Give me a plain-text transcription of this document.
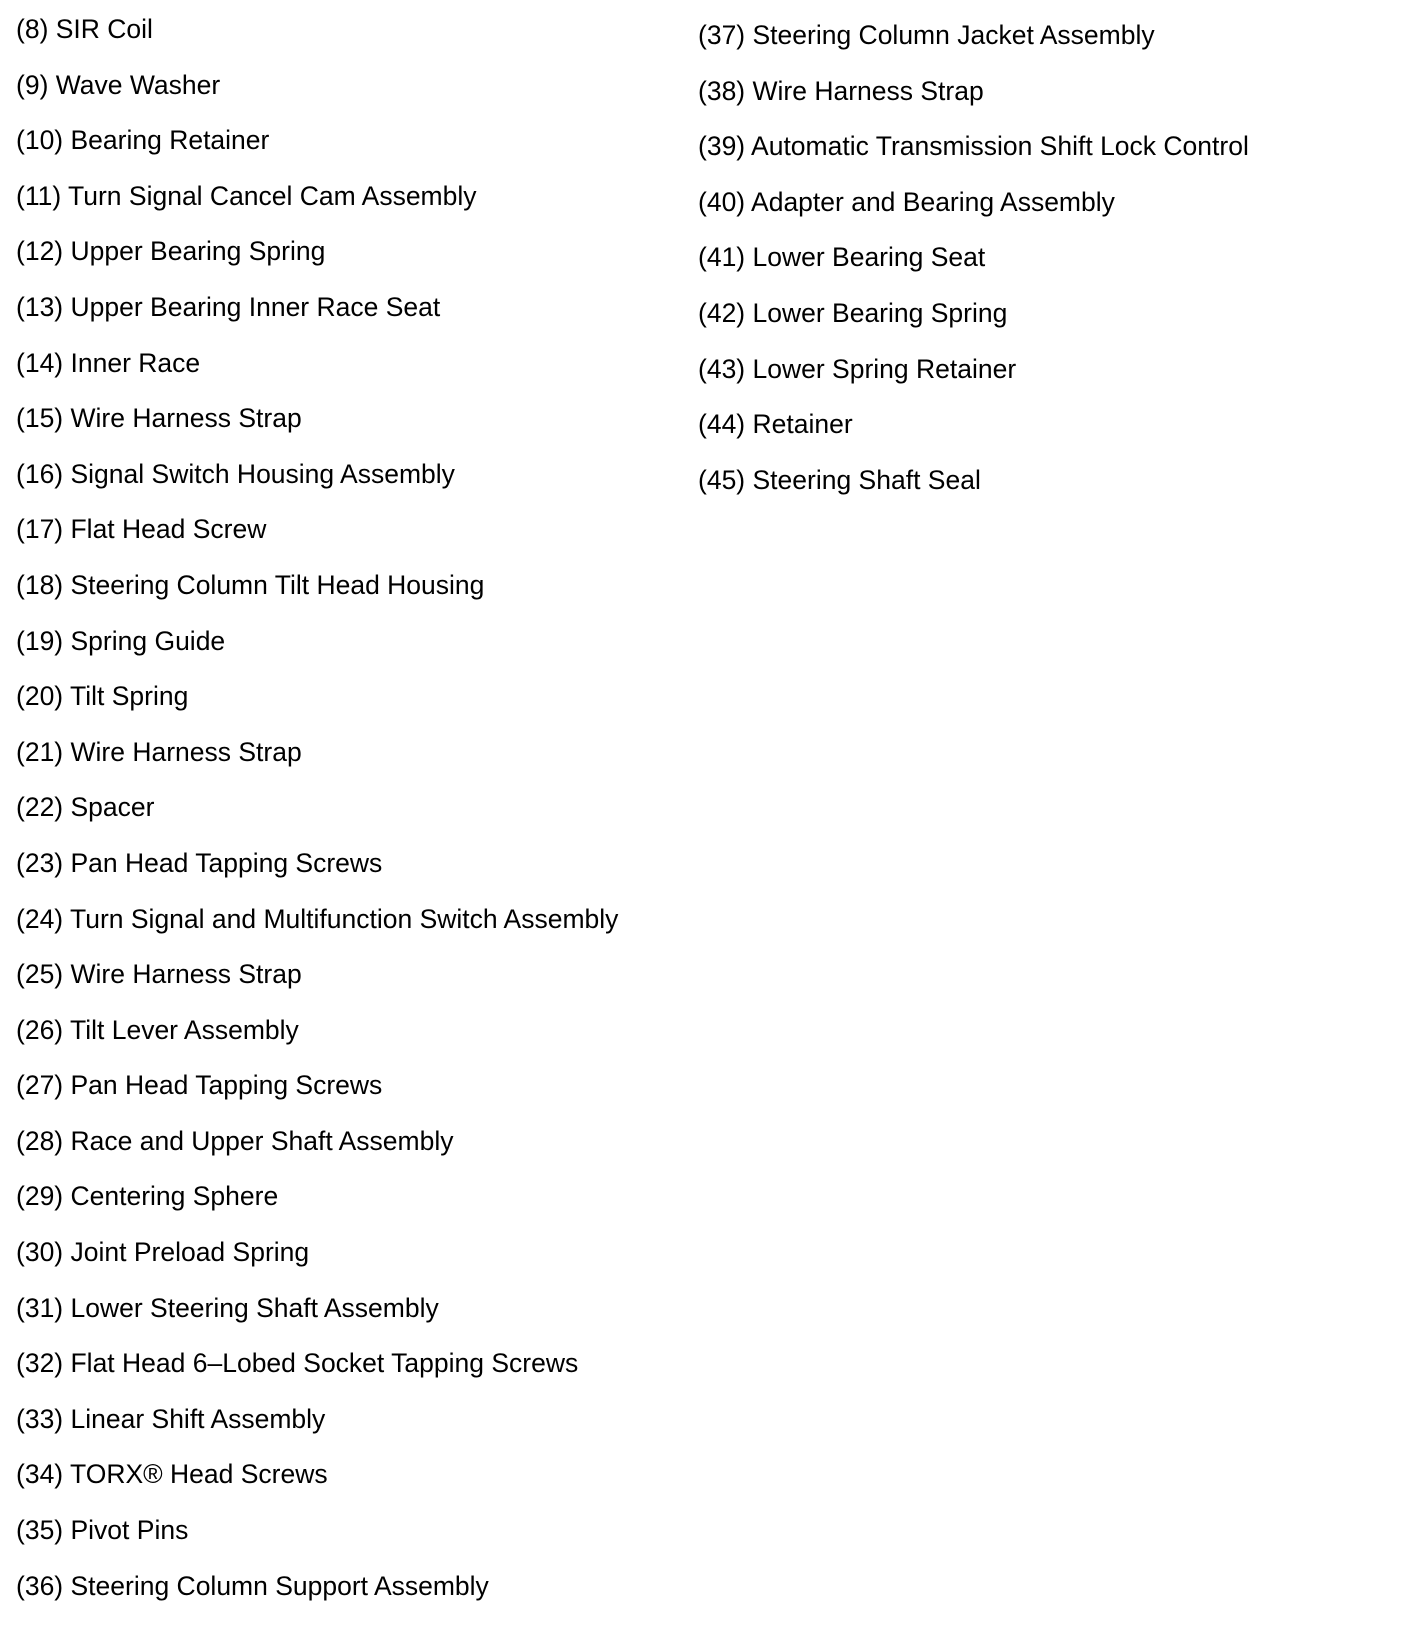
(8) SIR Coil
(9) Wave Washer
(10) Bearing Retainer
(11) Turn Signal Cancel Cam Assembly
(12) Upper Bearing Spring
(13) Upper Bearing Inner Race Seat
(14) Inner Race
(15) Wire Harness Strap
(16) Signal Switch Housing Assembly
(17) Flat Head Screw
(18) Steering Column Tilt Head Housing
(19) Spring Guide
(20) Tilt Spring
(21) Wire Harness Strap
(22) Spacer
(23) Pan Head Tapping Screws
(24) Turn Signal and Multifunction Switch Assembly
(25) Wire Harness Strap
(26) Tilt Lever Assembly
(27) Pan Head Tapping Screws
(28) Race and Upper Shaft Assembly
(29) Centering Sphere
(30) Joint Preload Spring
(31) Lower Steering Shaft Assembly
(32) Flat Head 6–Lobed Socket Tapping Screws
(33) Linear Shift Assembly
(34) TORX® Head Screws
(35) Pivot Pins
(36) Steering Column Support Assembly
(37) Steering Column Jacket Assembly
(38) Wire Harness Strap
(39) Automatic Transmission Shift Lock Control
(40) Adapter and Bearing Assembly
(41) Lower Bearing Seat
(42) Lower Bearing Spring
(43) Lower Spring Retainer
(44) Retainer
(45) Steering Shaft Seal
